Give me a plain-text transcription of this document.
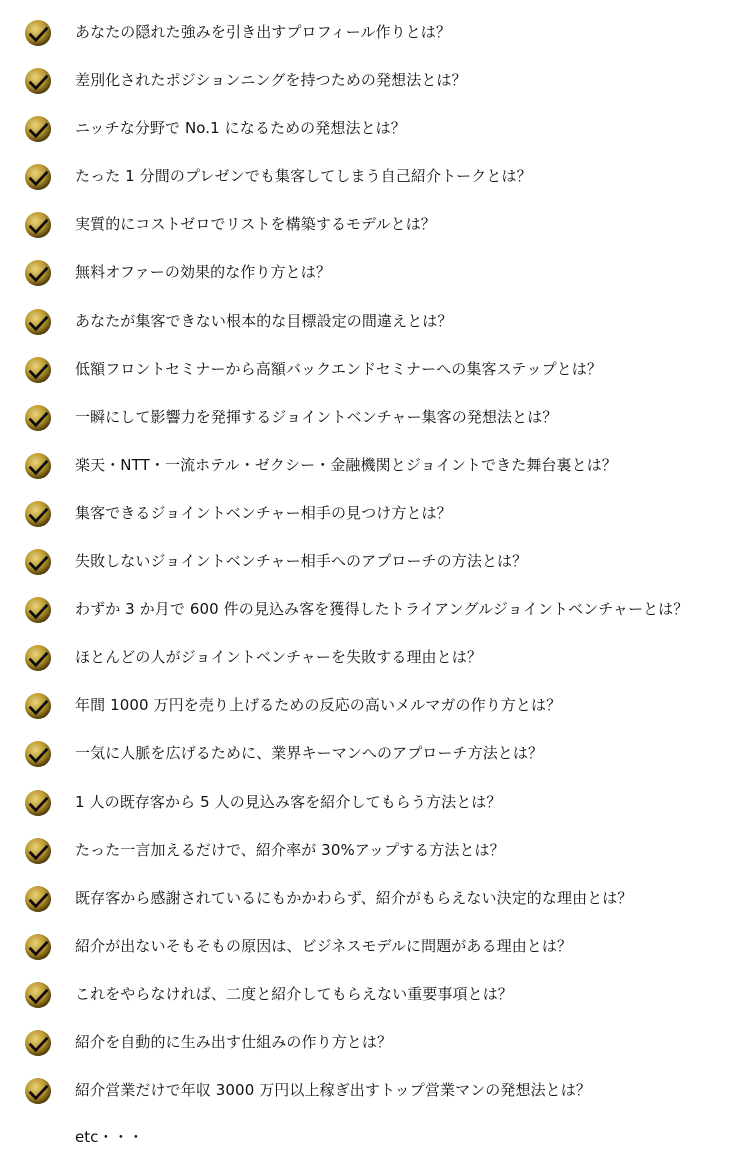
あなたの隠れた強みを引き出すプロフィール作りとは？
差別化されたポジションニングを持つための発想法とは？
ニッチな分野で No.1 になるための発想法とは？
たった 1 分間のプレゼンでも集客してしまう自己紹介トークとは？
実質的にコストゼロでリストを構築するモデルとは？
無料オファーの効果的な作り方とは？
あなたが集客できない根本的な目標設定の間違えとは？
低額フロントセミナーから高額バックエンドセミナーへの集客ステップとは？
一瞬にして影響力を発揮するジョイントベンチャー集客の発想法とは？
楽天・NTT・一流ホテル・ゼクシー・金融機関とジョイントできた舞台裏とは？
集客できるジョイントベンチャー相手の見つけ方とは？
失敗しないジョイントベンチャー相手へのアプローチの方法とは？
わずか 3 か月で 600 件の見込み客を獲得したトライアングルジョイントベンチャーとは？
ほとんどの人がジョイントベンチャーを失敗する理由とは？
年間 1000 万円を売り上げるための反応の高いメルマガの作り方とは？
一気に人脈を広げるために、業界キーマンへのアプローチ方法とは？
1 人の既存客から 5 人の見込み客を紹介してもらう方法とは？
たった一言加えるだけで、紹介率が 30%アップする方法とは？
既存客から感謝されているにもかかわらず、紹介がもらえない決定的な理由とは？
紹介が出ないそもそもの原因は、ビジネスモデルに問題がある理由とは？
これをやらなければ、二度と紹介してもらえない重要事項とは？
紹介を自動的に生み出す仕組みの作り方とは？
紹介営業だけで年収 3000 万円以上稼ぎ出すトップ営業マンの発想法とは？
etc・・・
